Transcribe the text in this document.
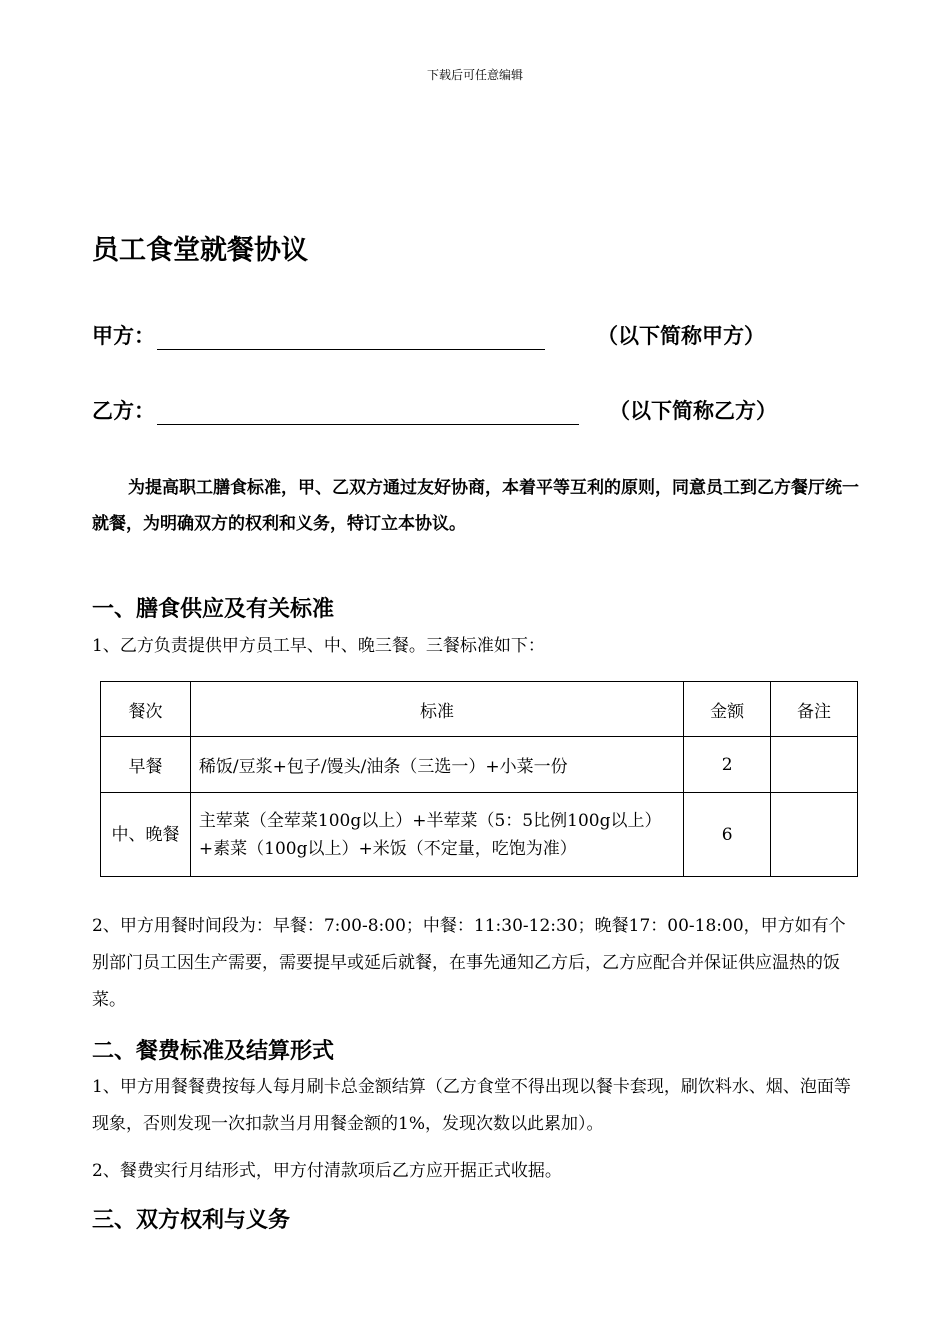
下载后可任意编辑
员工食堂就餐协议
甲方：	（以下简称甲方）
乙方：	（以下简称乙方）

为提高职工膳食标准，甲、乙双方通过友好协商，本着平等互利的原则，同意员工到乙方餐厅统一就餐，为明确双方的权利和义务，特订立本协议。

一、膳食供应及有关标准

1、乙方负责提供甲方员工早、中、晚三餐。三餐标准如下：

餐次	标准	金额	备注
早餐	稀饭/豆浆+包子/馒头/油条（三选一）+小菜一份	2	
中、晚餐	主荤菜（全荤菜100g以上）+半荤菜（5：5比例100g以上）+素菜（100g以上）+米饭（不定量，吃饱为准）	6	

2、甲方用餐时间段为：早餐：7:00-8:00；中餐：11:30-12:30；晚餐17：00-18:00，甲方如有个别部门员工因生产需要，需要提早或延后就餐，在事先通知乙方后，乙方应配合并保证供应温热的饭菜。

二、餐费标准及结算形式

1、甲方用餐餐费按每人每月刷卡总金额结算（乙方食堂不得出现以餐卡套现，刷饮料水、烟、泡面等现象，否则发现一次扣款当月用餐金额的1%，发现次数以此累加）。

2、餐费实行月结形式，甲方付清款项后乙方应开据正式收据。

三、双方权利与义务
